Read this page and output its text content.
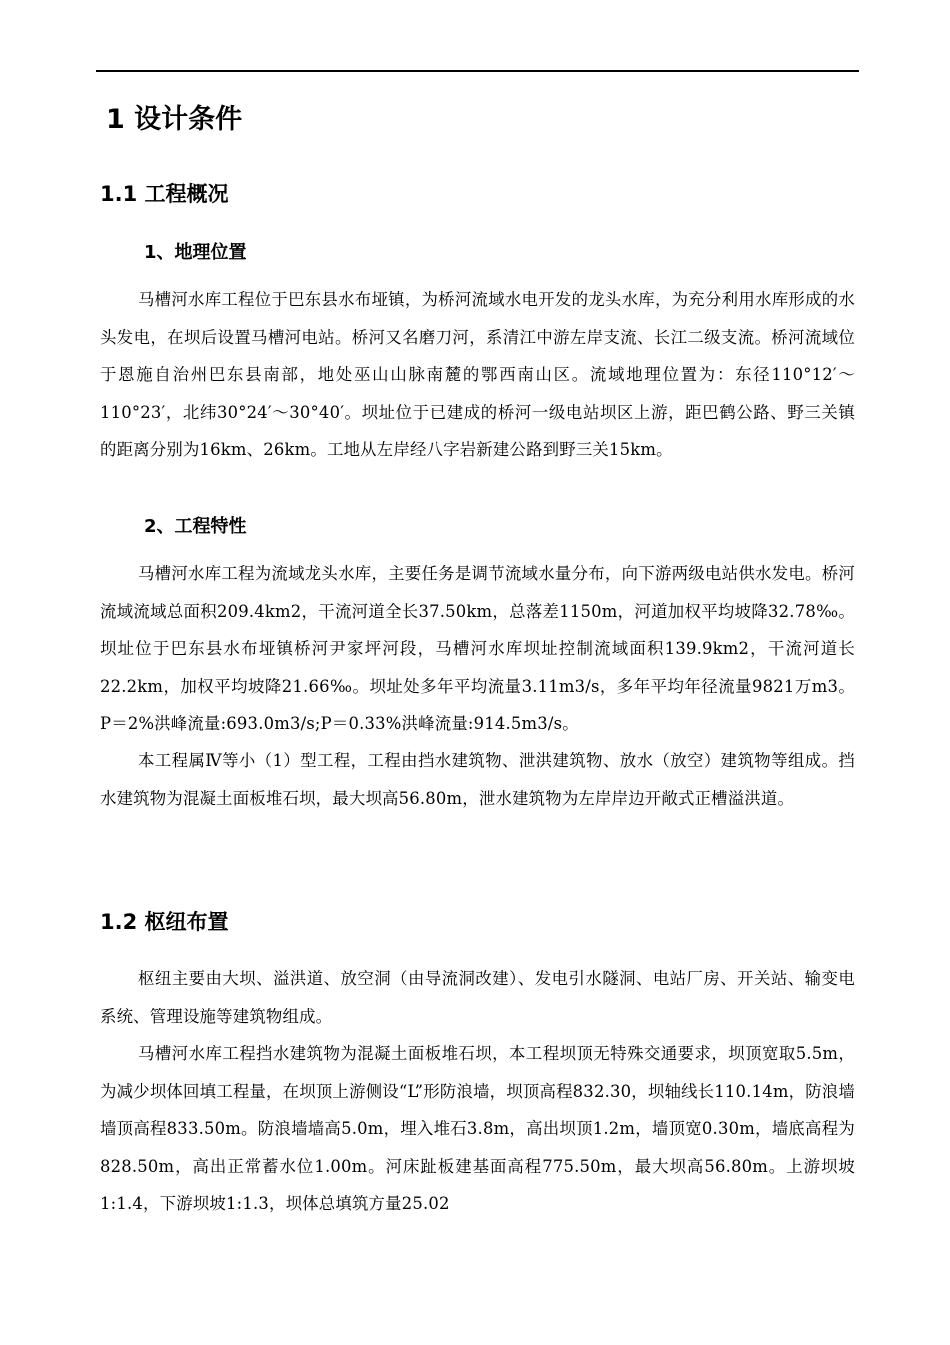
1 设计条件
1.1 工程概况
1、地理位置

马槽河水库工程位于巴东县水布垭镇，为桥河流域水电开发的龙头水库，为充分利用水库形成的水头发电，在坝后设置马槽河电站。桥河又名磨刀河，系清江中游左岸支流、长江二级支流。桥河流域位于恩施自治州巴东县南部，地处巫山山脉南麓的鄂西南山区。流域地理位置为：东径110°12′～110°23′，北纬30°24′～30°40′。坝址位于已建成的桥河一级电站坝区上游，距巴鹤公路、野三关镇的距离分别为16km、26km。工地从左岸经八字岩新建公路到野三关15km。

2、工程特性

马槽河水库工程为流域龙头水库，主要任务是调节流域水量分布，向下游两级电站供水发电。桥河流域流域总面积209.4km2，干流河道全长37.50km，总落差1150m，河道加权平均坡降32.78‰。坝址位于巴东县水布垭镇桥河尹家坪河段，马槽河水库坝址控制流域面积139.9km2，干流河道长22.2km，加权平均坡降21.66‰。坝址处多年平均流量3.11m3/s，多年平均年径流量9821万m3。P＝2%洪峰流量:693.0m3/s;P＝0.33%洪峰流量:914.5m3/s。

本工程属Ⅳ等小（1）型工程，工程由挡水建筑物、泄洪建筑物、放水（放空）建筑物等组成。挡水建筑物为混凝土面板堆石坝，最大坝高56.80m，泄水建筑物为左岸岸边开敞式正槽溢洪道。

1.2 枢纽布置

枢纽主要由大坝、溢洪道、放空洞（由导流洞改建）、发电引水隧洞、电站厂房、开关站、输变电系统、管理设施等建筑物组成。

马槽河水库工程挡水建筑物为混凝土面板堆石坝，本工程坝顶无特殊交通要求，坝顶宽取5.5m，为减少坝体回填工程量，在坝顶上游侧设“L”形防浪墙，坝顶高程832.30，坝轴线长110.14m，防浪墙墙顶高程833.50m。防浪墙墙高5.0m，埋入堆石3.8m，高出坝顶1.2m，墙顶宽0.30m，墙底高程为828.50m，高出正常蓄水位1.00m。河床趾板建基面高程775.50m，最大坝高56.80m。上游坝坡1:1.4，下游坝坡1:1.3，坝体总填筑方量25.02
